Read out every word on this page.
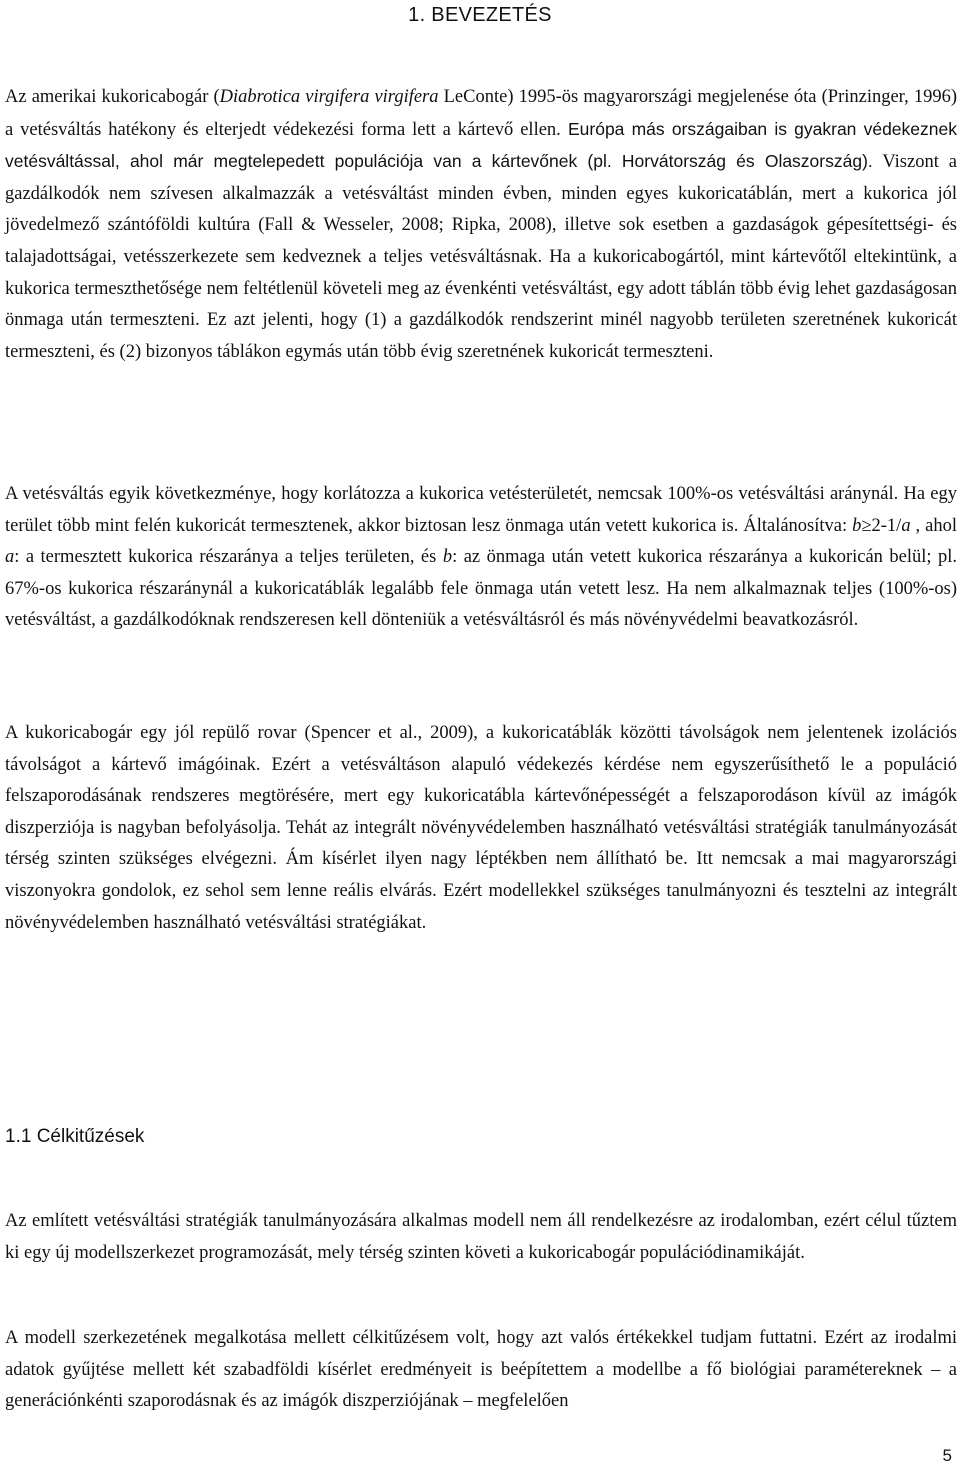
1. BEVEZETÉS

Az amerikai kukoricabogár (Diabrotica virgifera virgifera LeConte) 1995-ös magyarországi megjelenése óta (Prinzinger, 1996) a vetésváltás hatékony és elterjedt védekezési forma lett a kártevő ellen. Európa más országaiban is gyakran védekeznek vetésváltással, ahol már megtelepedett populációja van a kártevőnek (pl. Horvátország és Olaszország). Viszont a gazdálkodók nem szívesen alkalmazzák a vetésváltást minden évben, minden egyes kukoricatáblán, mert a kukorica jól jövedelmező szántóföldi kultúra (Fall & Wesseler, 2008; Ripka, 2008), illetve sok esetben a gazdaságok gépesítettségi- és talajadottságai, vetésszerkezete sem kedveznek a teljes vetésváltásnak. Ha a kukoricabogártól, mint kártevőtől eltekintünk, a kukorica termeszthetősége nem feltétlenül követeli meg az évenkénti vetésváltást, egy adott táblán több évig lehet gazdaságosan önmaga után termeszteni. Ez azt jelenti, hogy (1) a gazdálkodók rendszerint minél nagyobb területen szeretnének kukoricát termeszteni, és (2) bizonyos táblákon egymás után több évig szeretnének kukoricát termeszteni.

A vetésváltás egyik következménye, hogy korlátozza a kukorica vetésterületét, nemcsak 100%-os vetésváltási aránynál. Ha egy terület több mint felén kukoricát termesztenek, akkor biztosan lesz önmaga után vetett kukorica is. Általánosítva: b≥2-1/a , ahol a: a termesztett kukorica részaránya a teljes területen, és b: az önmaga után vetett kukorica részaránya a kukoricán belül; pl. 67%-os kukorica részaránynál a kukoricatáblák legalább fele önmaga után vetett lesz. Ha nem alkalmaznak teljes (100%-os) vetésváltást, a gazdálkodóknak rendszeresen kell dönteniük a vetésváltásról és más növényvédelmi beavatkozásról.

A kukoricabogár egy jól repülő rovar (Spencer et al., 2009), a kukoricatáblák közötti távolságok nem jelentenek izolációs távolságot a kártevő imágóinak. Ezért a vetésváltáson alapuló védekezés kérdése nem egyszerűsíthető le a populáció felszaporodásának rendszeres megtörésére, mert egy kukoricatábla kártevőnépességét a felszaporodáson kívül az imágók diszperziója is nagyban befolyásolja. Tehát az integrált növényvédelemben használható vetésváltási stratégiák tanulmányozását térség szinten szükséges elvégezni. Ám kísérlet ilyen nagy léptékben nem állítható be. Itt nemcsak a mai magyarországi viszonyokra gondolok, ez sehol sem lenne reális elvárás. Ezért modellekkel szükséges tanulmányozni és tesztelni az integrált növényvédelemben használható vetésváltási stratégiákat.

1.1 Célkitűzések

Az említett vetésváltási stratégiák tanulmányozására alkalmas modell nem áll rendelkezésre az irodalomban, ezért célul tűztem ki egy új modellszerkezet programozását, mely térség szinten követi a kukoricabogár populációdinamikáját.

A modell szerkezetének megalkotása mellett célkitűzésem volt, hogy azt valós értékekkel tudjam futtatni. Ezért az irodalmi adatok gyűjtése mellett két szabadföldi kísérlet eredményeit is beépítettem a modellbe a fő biológiai paramétereknek – a generációnkénti szaporodásnak és az imágók diszperziójának – megfelelően

5
